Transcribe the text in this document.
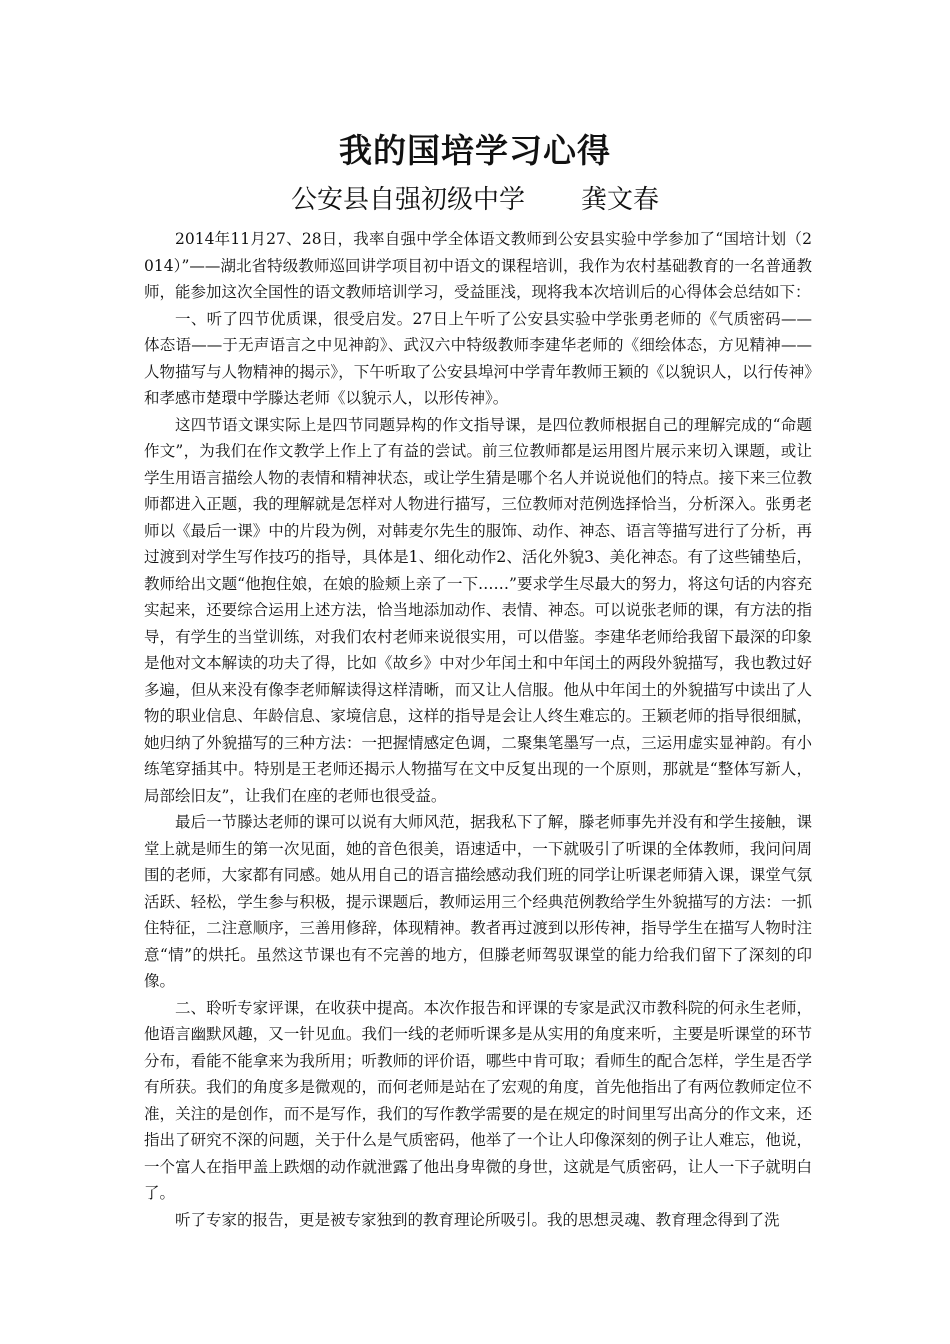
我的国培学习心得
公安县自强初级中学 龚文春

2014年11月27、28日，我率自强中学全体语文教师到公安县实验中学参加了“国培计划（2014）”——湖北省特级教师巡回讲学项目初中语文的课程培训，我作为农村基础教育的一名普通教师，能参加这次全国性的语文教师培训学习，受益匪浅，现将我本次培训后的心得体会总结如下：

一、听了四节优质课，很受启发。27日上午听了公安县实验中学张勇老师的《气质密码——体态语——于无声语言之中见神韵》、武汉六中特级教师李建华老师的《细绘体态，方见精神——人物描写与人物精神的揭示》，下午听取了公安县埠河中学青年教师王颖的《以貌识人，以行传神》和孝感市楚環中学滕达老师《以貌示人，以形传神》。

这四节语文课实际上是四节同题异构的作文指导课，是四位教师根据自己的理解完成的“命题作文”，为我们在作文教学上作上了有益的尝试。前三位教师都是运用图片展示来切入课题，或让学生用语言描绘人物的表情和精神状态，或让学生猜是哪个名人并说说他们的特点。接下来三位教师都进入正题，我的理解就是怎样对人物进行描写，三位教师对范例选择恰当，分析深入。张勇老师以《最后一课》中的片段为例，对韩麦尔先生的服饰、动作、神态、语言等描写进行了分析，再过渡到对学生写作技巧的指导，具体是1、细化动作2、活化外貌3、美化神态。有了这些铺垫后，教师给出文题“他抱住娘，在娘的脸颊上亲了一下……”要求学生尽最大的努力，将这句话的内容充实起来，还要综合运用上述方法，恰当地添加动作、表情、神态。可以说张老师的课，有方法的指导，有学生的当堂训练，对我们农村老师来说很实用，可以借鉴。李建华老师给我留下最深的印象是他对文本解读的功夫了得，比如《故乡》中对少年闰土和中年闰土的两段外貌描写，我也教过好多遍，但从来没有像李老师解读得这样清晰，而又让人信服。他从中年闰土的外貌描写中读出了人物的职业信息、年龄信息、家境信息，这样的指导是会让人终生难忘的。王颖老师的指导很细腻，她归纳了外貌描写的三种方法：一把握情感定色调，二聚集笔墨写一点，三运用虚实显神韵。有小练笔穿插其中。特别是王老师还揭示人物描写在文中反复出现的一个原则，那就是“整体写新人，局部绘旧友”，让我们在座的老师也很受益。

最后一节滕达老师的课可以说有大师风范，据我私下了解，滕老师事先并没有和学生接触，课堂上就是师生的第一次见面，她的音色很美，语速适中，一下就吸引了听课的全体教师，我问问周围的老师，大家都有同感。她从用自己的语言描绘感动我们班的同学让听课老师猜入课，课堂气氛活跃、轻松，学生参与积极，提示课题后，教师运用三个经典范例教给学生外貌描写的方法：一抓住特征，二注意顺序，三善用修辞，体现精神。教者再过渡到以形传神，指导学生在描写人物时注意“情”的烘托。虽然这节课也有不完善的地方，但滕老师驾驭课堂的能力给我们留下了深刻的印像。

二、聆听专家评课，在收获中提高。本次作报告和评课的专家是武汉市教科院的何永生老师，他语言幽默风趣，又一针见血。我们一线的老师听课多是从实用的角度来听，主要是听课堂的环节分布，看能不能拿来为我所用；听教师的评价语，哪些中肯可取；看师生的配合怎样，学生是否学有所获。我们的角度多是微观的，而何老师是站在了宏观的角度，首先他指出了有两位教师定位不准，关注的是创作，而不是写作，我们的写作教学需要的是在规定的时间里写出高分的作文来，还指出了研究不深的问题，关于什么是气质密码，他举了一个让人印像深刻的例子让人难忘，他说，一个富人在指甲盖上跌烟的动作就泄露了他出身卑微的身世，这就是气质密码，让人一下子就明白了。

听了专家的报告，更是被专家独到的教育理论所吸引。我的思想灵魂、教育理念得到了洗
